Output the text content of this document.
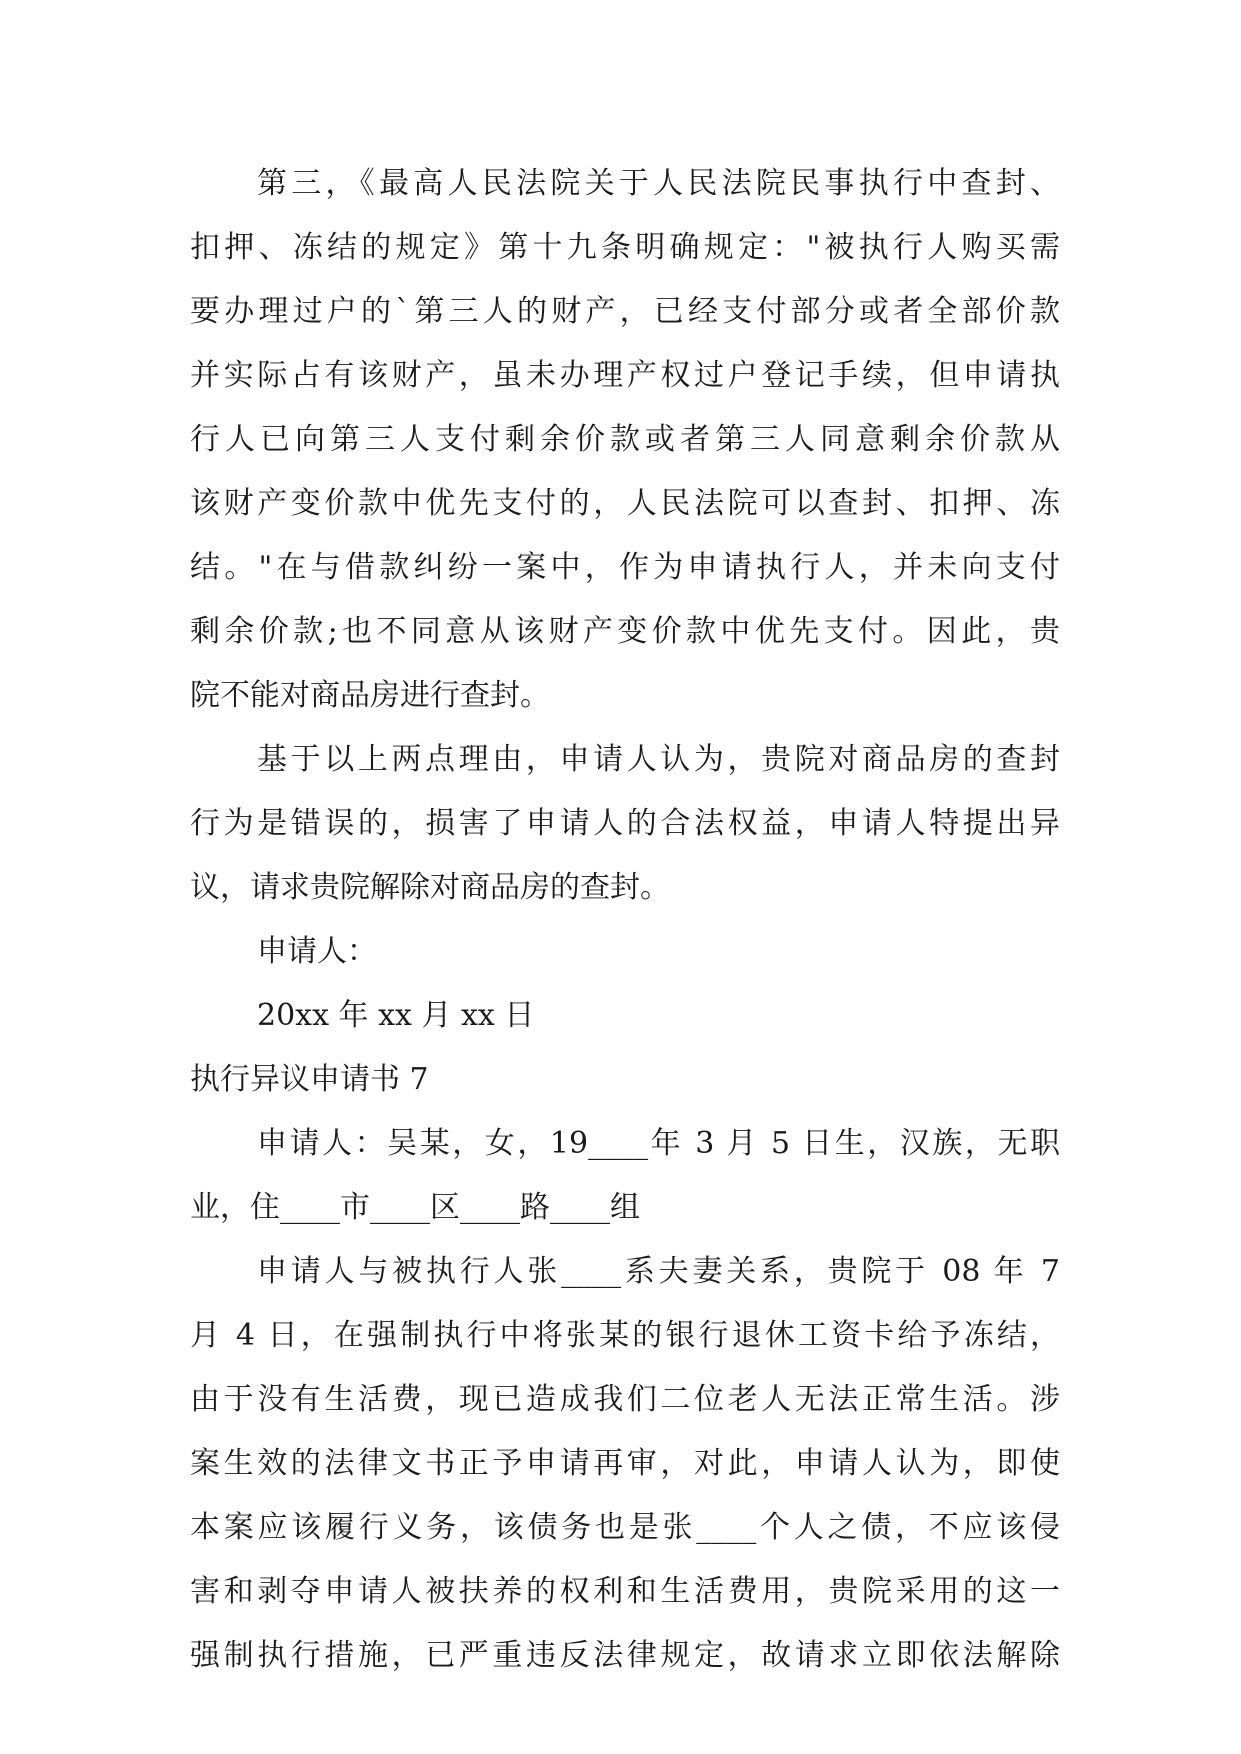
第三，《最高人民法院关于人民法院民事执行中查封、
扣押、冻结的规定》第十九条明确规定："被执行人购买需
要办理过户的`第三人的财产，已经支付部分或者全部价款
并实际占有该财产，虽未办理产权过户登记手续，但申请执
行人已向第三人支付剩余价款或者第三人同意剩余价款从
该财产变价款中优先支付的，人民法院可以查封、扣押、冻
结。"在与借款纠纷一案中，作为申请执行人，并未向支付
剩余价款;也不同意从该财产变价款中优先支付。因此，贵
院不能对商品房进行查封。
基于以上两点理由，申请人认为，贵院对商品房的查封
行为是错误的，损害了申请人的合法权益，申请人特提出异
议，请求贵院解除对商品房的查封。
申请人：
20xx 年 xx 月 xx 日
执行异议申请书 7
申请人：吴某，女，19____年 3 月 5 日生，汉族，无职
业，住____市____区____路____组
申请人与被执行人张____系夫妻关系，贵院于 08 年 7
月 4 日，在强制执行中将张某的银行退休工资卡给予冻结，
由于没有生活费，现已造成我们二位老人无法正常生活。涉
案生效的法律文书正予申请再审，对此，申请人认为，即使
本案应该履行义务，该债务也是张____个人之债，不应该侵
害和剥夺申请人被扶养的权利和生活费用，贵院采用的这一
强制执行措施，已严重违反法律规定，故请求立即依法解除
